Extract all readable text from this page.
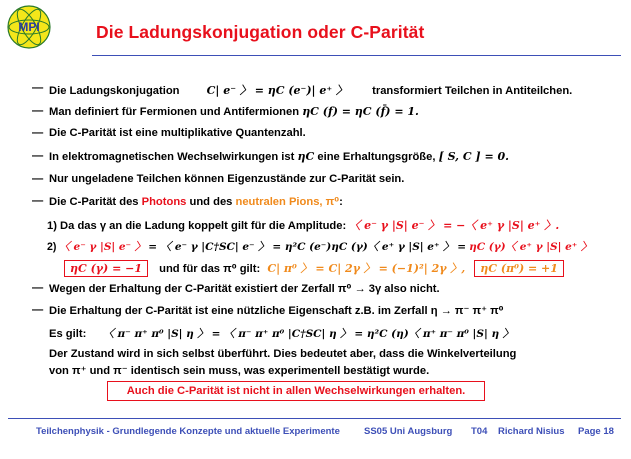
MPI	Die Ladungskonjugation oder C-Parität
— Die Ladungskonjugation C| e⁻ 〉 = ηC (e⁻)| e⁺ 〉 transformiert Teilchen in Antiteilchen.
— Man definiert für Fermionen und Antifermionen ηC (f) = ηC (f̄) = 1.
— Die C-Parität ist eine multiplikative Quantenzahl.
— In elektromagnetischen Wechselwirkungen ist ηC eine Erhaltungsgröße, [ S, C ] = 0.
— Nur ungeladene Teilchen können Eigenzustände zur C-Parität sein.
— Die C-Parität des Photons und des neutralen Pions, π⁰:
1) Da das γ an die Ladung koppelt gilt für die Amplitude: 〈 e⁻ γ |S| e⁻ 〉 = −〈 e⁺ γ |S| e⁺ 〉.
2) 〈 e⁻ γ |S| e⁻ 〉 = 〈 e⁻ γ |C†SC| e⁻ 〉 = η²C (e⁻)ηC (γ)〈 e⁺ γ |S| e⁺ 〉 = ηC (γ)〈 e⁺ γ |S| e⁺ 〉
ηC (γ) = −1 und für das π⁰ gilt: C| π⁰ 〉 = C| 2γ 〉 = (−1)²| 2γ 〉, ηC (π⁰) = +1
— Wegen der Erhaltung der C-Parität existiert der Zerfall π⁰ → 3γ also nicht.
— Die Erhaltung der C-Parität ist eine nützliche Eigenschaft z.B. im Zerfall η → π⁻ π⁺ π⁰
Es gilt: 〈 π⁻ π⁺ π⁰ |S| η 〉 = 〈 π⁻ π⁺ π⁰ |C†SC| η 〉 = η²C (η)〈 π⁺ π⁻ π⁰ |S| η 〉
Der Zustand wird in sich selbst überführt. Dies bedeutet aber, dass die Winkelverteilung
von π⁺ und π⁻ identisch sein muss, was experimentell bestätigt wurde.
Auch die C-Parität ist nicht in allen Wechselwirkungen erhalten.
Teilchenphysik - Grundlegende Konzepte und aktuelle Experimente	SS05 Uni Augsburg T04 Richard Nisius Page 18
